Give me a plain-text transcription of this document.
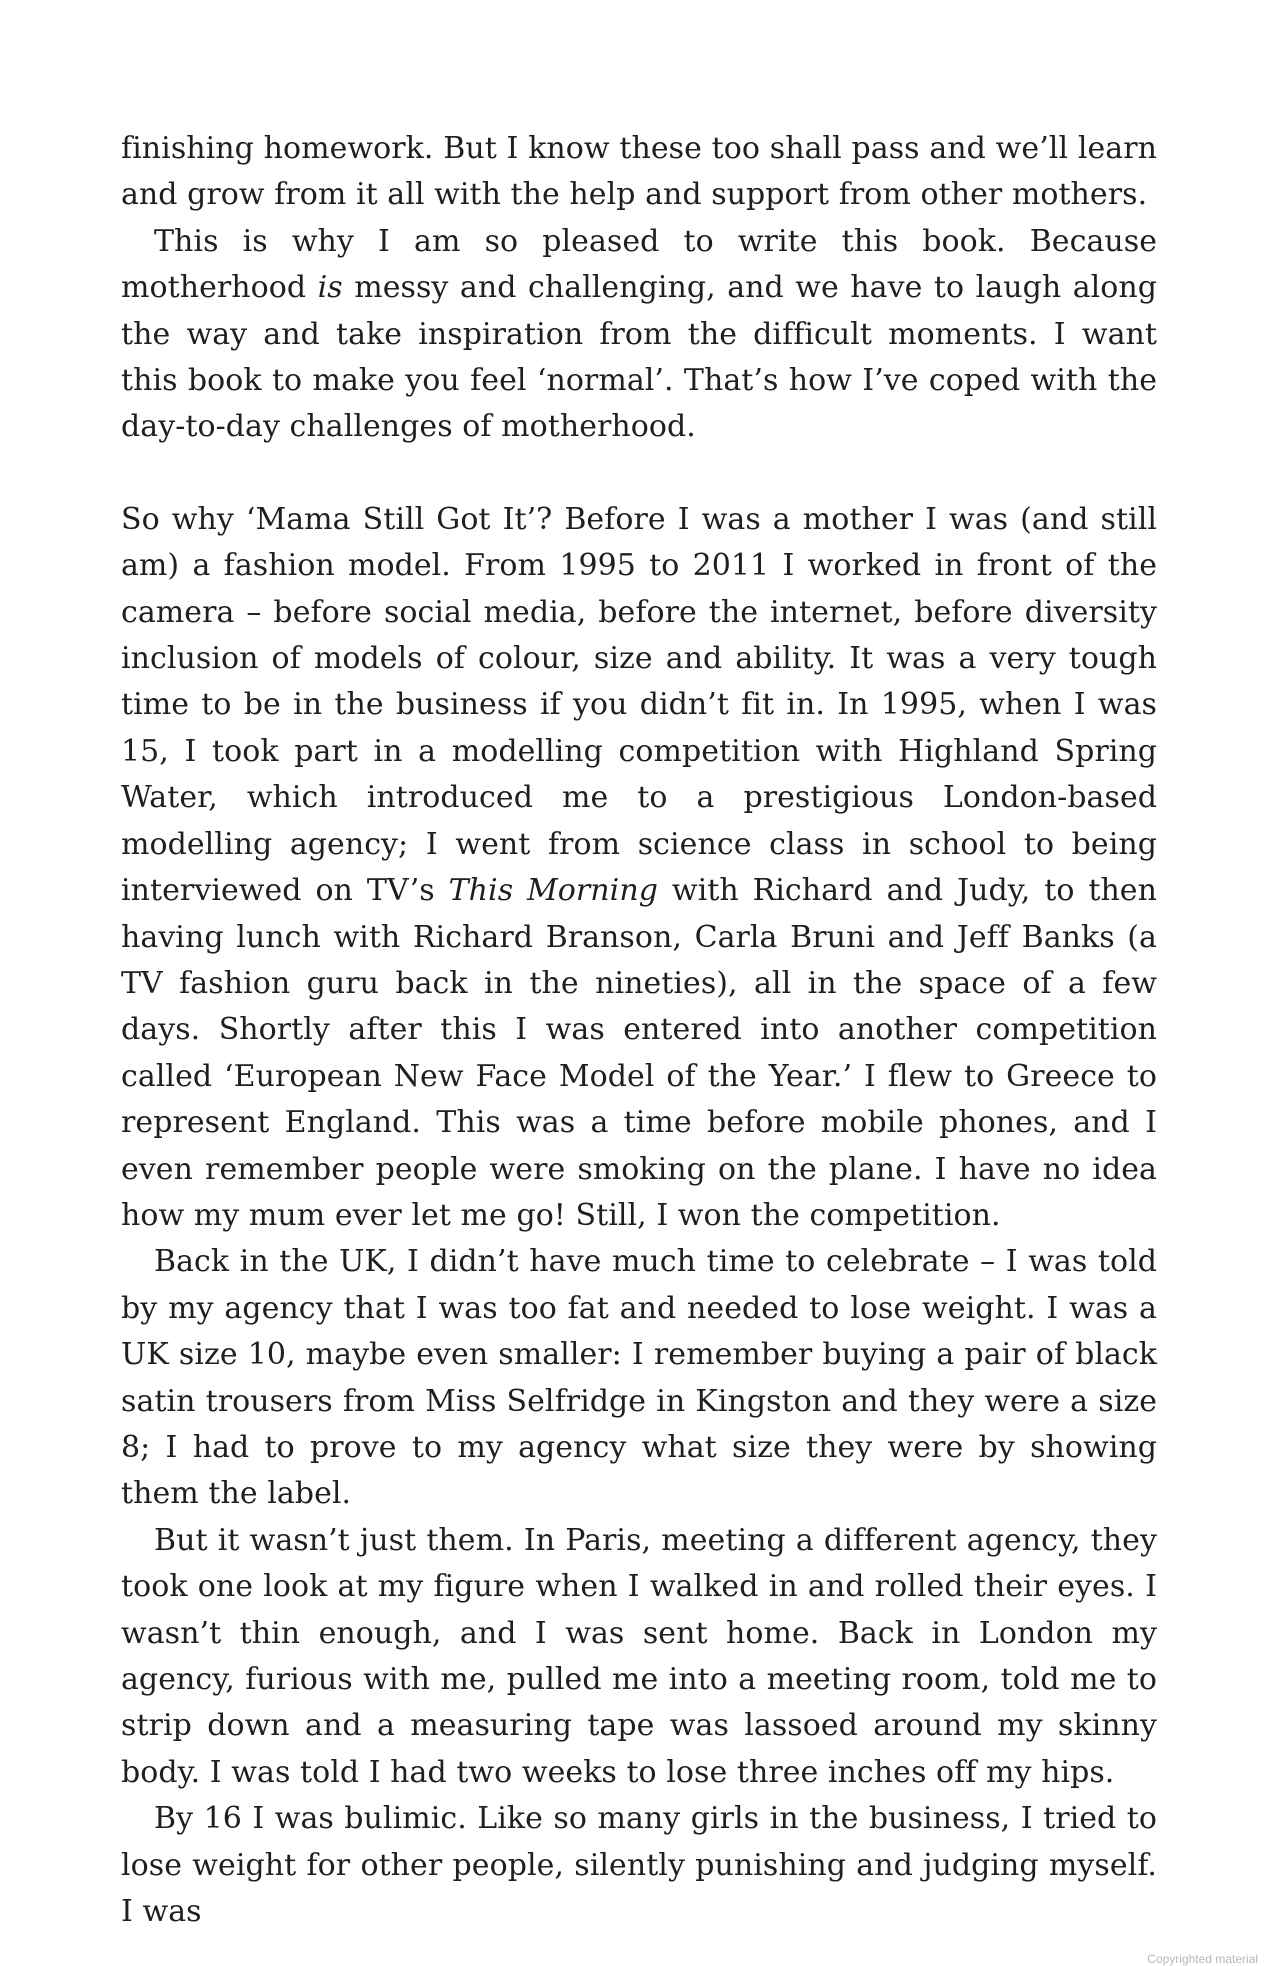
finishing homework. But I know these too shall pass and we’ll learn and grow from it all with the help and support from other mothers.

This is why I am so pleased to write this book. Because motherhood is messy and challenging, and we have to laugh along the way and take inspiration from the difficult moments. I want this book to make you feel ‘normal’. That’s how I’ve coped with the day-to-day challenges of motherhood.

So why ‘Mama Still Got It’? Before I was a mother I was (and still am) a fashion model. From 1995 to 2011 I worked in front of the camera – before social media, before the internet, before diversity inclusion of models of colour, size and ability. It was a very tough time to be in the business if you didn’t fit in. In 1995, when I was 15, I took part in a modelling competition with Highland Spring Water, which introduced me to a prestigious London-based modelling agency; I went from science class in school to being interviewed on TV’s This Morning with Richard and Judy, to then having lunch with Richard Branson, Carla Bruni and Jeff Banks (a TV fashion guru back in the nineties), all in the space of a few days. Shortly after this I was entered into another competition called ‘European New Face Model of the Year.’ I flew to Greece to represent England. This was a time before mobile phones, and I even remember people were smoking on the plane. I have no idea how my mum ever let me go! Still, I won the competition.

Back in the UK, I didn’t have much time to celebrate – I was told by my agency that I was too fat and needed to lose weight. I was a UK size 10, maybe even smaller: I remember buying a pair of black satin trousers from Miss Selfridge in Kingston and they were a size 8; I had to prove to my agency what size they were by showing them the label.

But it wasn’t just them. In Paris, meeting a different agency, they took one look at my figure when I walked in and rolled their eyes. I wasn’t thin enough, and I was sent home. Back in London my agency, furious with me, pulled me into a meeting room, told me to strip down and a measuring tape was lassoed around my skinny body. I was told I had two weeks to lose three inches off my hips.

By 16 I was bulimic. Like so many girls in the business, I tried to lose weight for other people, silently punishing and judging myself. I was

Copyrighted material
